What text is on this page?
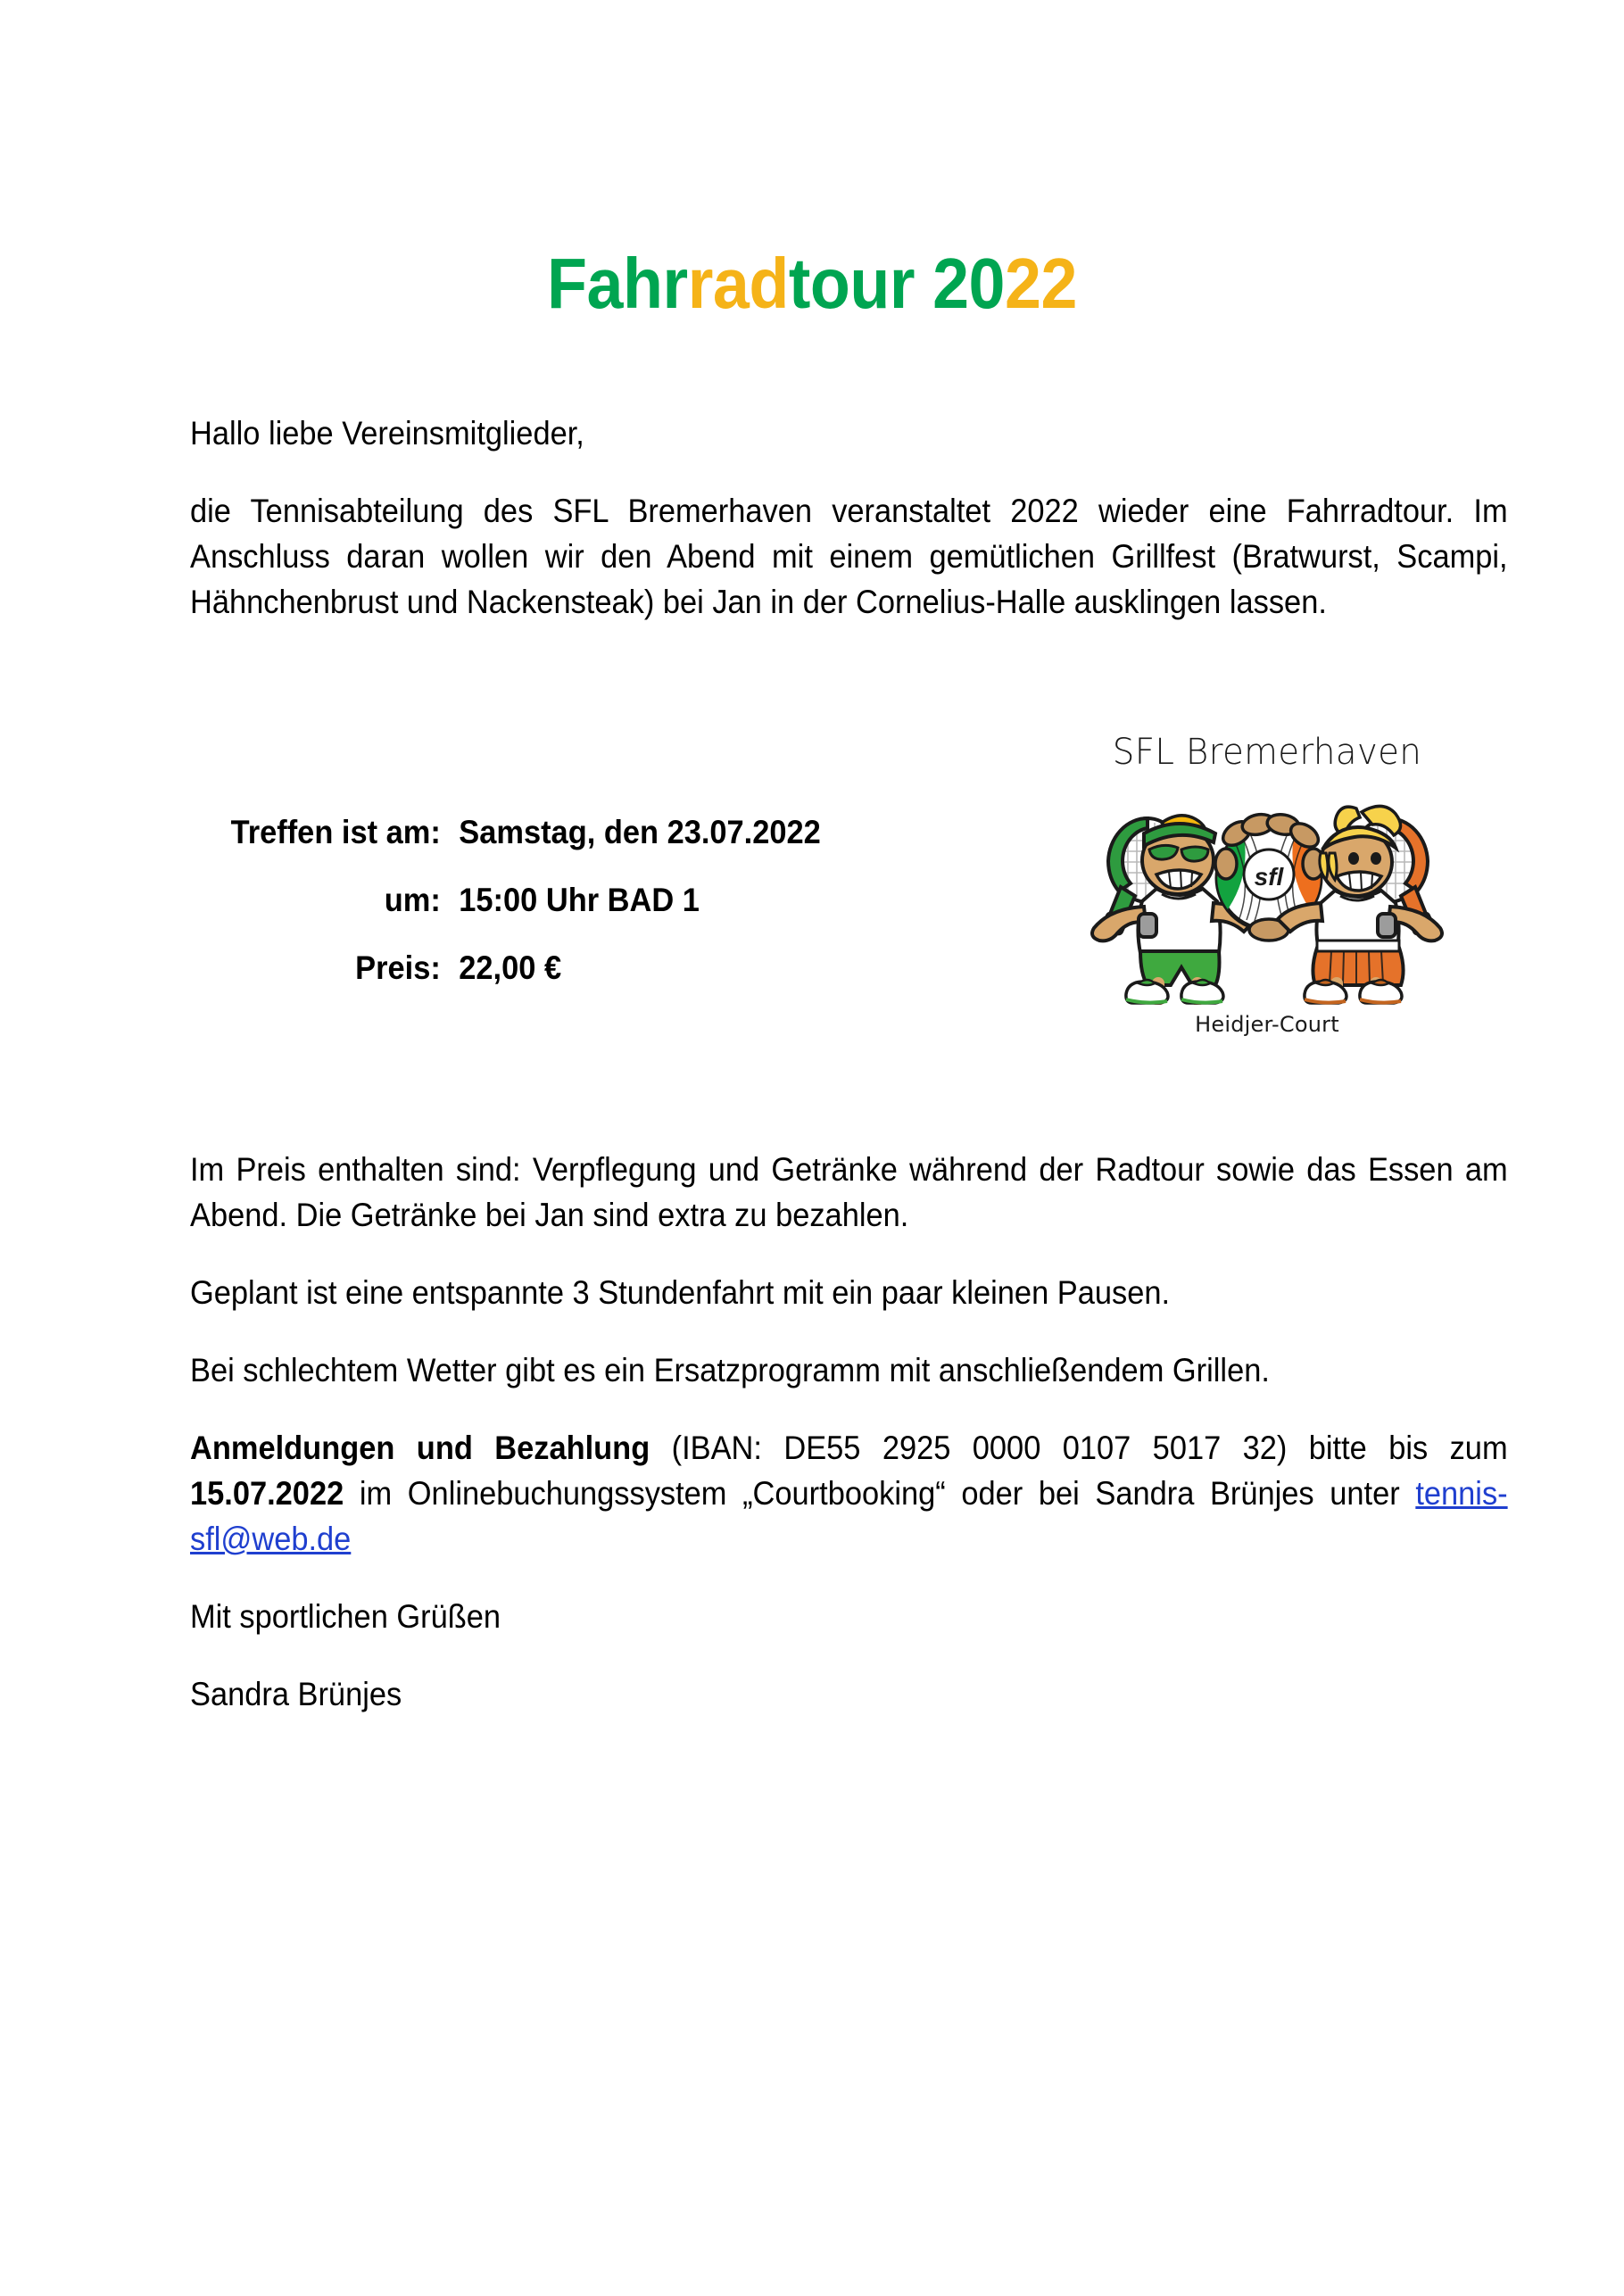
Fahrradtour 2022

Hallo liebe Vereinsmitglieder,

die Tennisabteilung des SFL Bremerhaven veranstaltet 2022 wieder eine Fahrradtour. Im Anschluss daran wollen wir den Abend mit einem gemütlichen Grillfest (Bratwurst, Scampi, Hähnchenbrust und Nackensteak) bei Jan in der Cornelius-Halle ausklingen lassen.

Treffen ist am:	Samstag, den 23.07.2022
um:	15:00 Uhr BAD 1
Preis:	22,00 €
SFL Bremerhaven
sfl
Heidjer-Court

Im Preis enthalten sind: Verpflegung und Getränke während der Radtour sowie das Essen am Abend. Die Getränke bei Jan sind extra zu bezahlen.

Geplant ist eine entspannte 3 Stundenfahrt mit ein paar kleinen Pausen.

Bei schlechtem Wetter gibt es ein Ersatzprogramm mit anschließendem Grillen.

Anmeldungen und Bezahlung (IBAN: DE55 2925 0000 0107 5017 32) bitte bis zum 15.07.2022 im Onlinebuchungssystem „Courtbooking“ oder bei Sandra Brünjes unter tennis-sfl@web.de

Mit sportlichen Grüßen

Sandra Brünjes
